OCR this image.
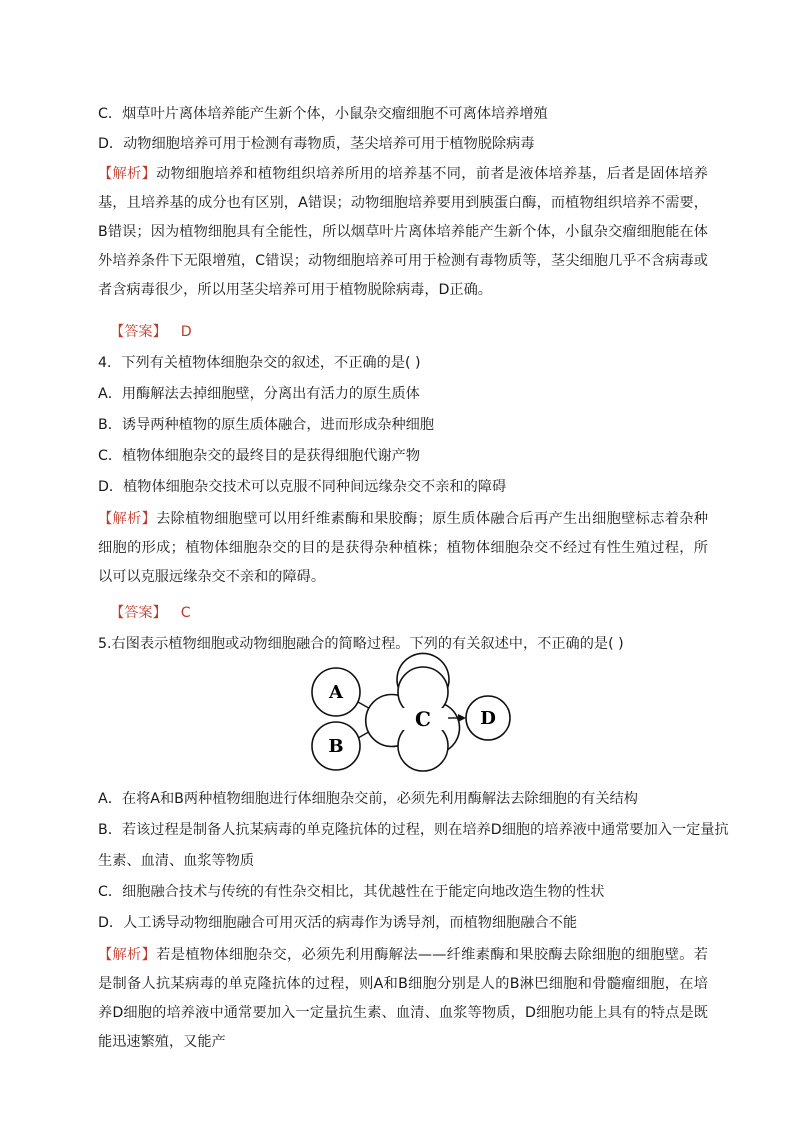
C．烟草叶片离体培养能产生新个体，小鼠杂交瘤细胞不可离体培养增殖
D．动物细胞培养可用于检测有毒物质，茎尖培养可用于植物脱除病毒
【解析】动物细胞培养和植物组织培养所用的培养基不同，前者是液体培养基，后者是固体培养基，且培养基的成分也有区别，A错误；动物细胞培养要用到胰蛋白酶，而植物组织培养不需要，B错误；因为植物细胞具有全能性，所以烟草叶片离体培养能产生新个体，小鼠杂交瘤细胞能在体外培养条件下无限增殖，C错误；动物细胞培养可用于检测有毒物质等，茎尖细胞几乎不含病毒或者含病毒很少，所以用茎尖培养可用于植物脱除病毒，D正确。
【答案】 D
4．下列有关植物体细胞杂交的叙述，不正确的是( )
A．用酶解法去掉细胞壁，分离出有活力的原生质体
B．诱导两种植物的原生质体融合，进而形成杂种细胞
C．植物体细胞杂交的最终目的是获得细胞代谢产物
D．植物体细胞杂交技术可以克服不同种间远缘杂交不亲和的障碍
【解析】去除植物细胞壁可以用纤维素酶和果胶酶；原生质体融合后再产生出细胞壁标志着杂种细胞的形成；植物体细胞杂交的目的是获得杂种植株；植物体细胞杂交不经过有性生殖过程，所以可以克服远缘杂交不亲和的障碍。
【答案】 C
5.右图表示植物细胞或动物细胞融合的简略过程。下列的有关叙述中，不正确的是( )
A
B
C	D
A．在将A和B两种植物细胞进行体细胞杂交前，必须先利用酶解法去除细胞的有关结构
B．若该过程是制备人抗某病毒的单克隆抗体的过程，则在培养D细胞的培养液中通常要加入一定量抗
生素、血清、血浆等物质
C．细胞融合技术与传统的有性杂交相比，其优越性在于能定向地改造生物的性状
D．人工诱导动物细胞融合可用灭活的病毒作为诱导剂，而植物细胞融合不能
【解析】若是植物体细胞杂交，必须先利用酶解法——纤维素酶和果胶酶去除细胞的细胞壁。若是制备人抗某病毒的单克隆抗体的过程，则A和B细胞分别是人的B淋巴细胞和骨髓瘤细胞，在培养D细胞的培养液中通常要加入一定量抗生素、血清、血浆等物质，D细胞功能上具有的特点是既能迅速繁殖，又能产
